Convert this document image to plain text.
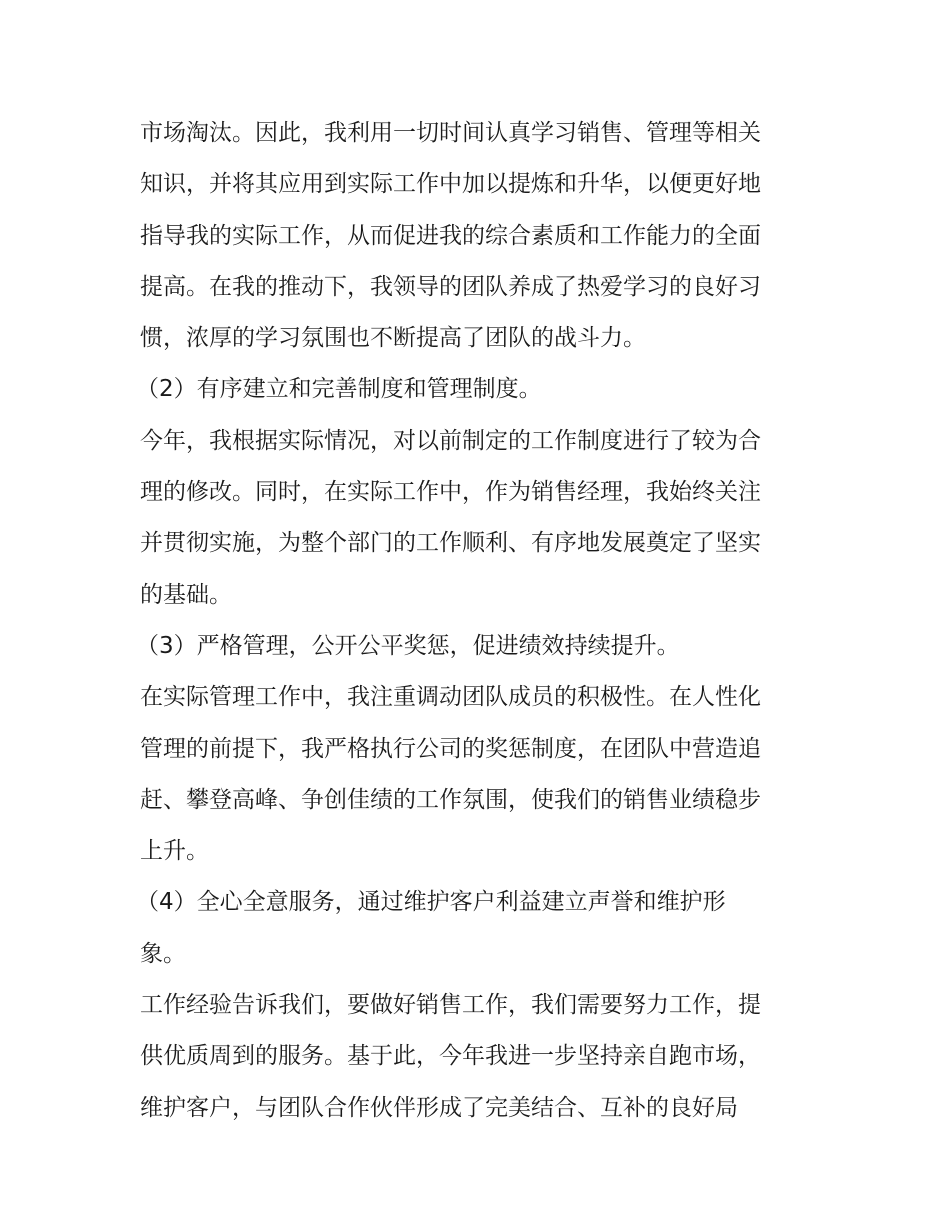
市场淘汰。因此，我利用一切时间认真学习销售、管理等相关
知识，并将其应用到实际工作中加以提炼和升华，以便更好地
指导我的实际工作，从而促进我的综合素质和工作能力的全面
提高。在我的推动下，我领导的团队养成了热爱学习的良好习
惯，浓厚的学习氛围也不断提高了团队的战斗力。
（2）有序建立和完善制度和管理制度。
今年，我根据实际情况，对以前制定的工作制度进行了较为合
理的修改。同时，在实际工作中，作为销售经理，我始终关注
并贯彻实施，为整个部门的工作顺利、有序地发展奠定了坚实
的基础。
（3）严格管理，公开公平奖惩，促进绩效持续提升。
在实际管理工作中，我注重调动团队成员的积极性。在人性化
管理的前提下，我严格执行公司的奖惩制度，在团队中营造追
赶、攀登高峰、争创佳绩的工作氛围，使我们的销售业绩稳步
上升。
（4）全心全意服务，通过维护客户利益建立声誉和维护形
象。
工作经验告诉我们，要做好销售工作，我们需要努力工作，提
供优质周到的服务。基于此，今年我进一步坚持亲自跑市场，
维护客户，与团队合作伙伴形成了完美结合、互补的良好局
